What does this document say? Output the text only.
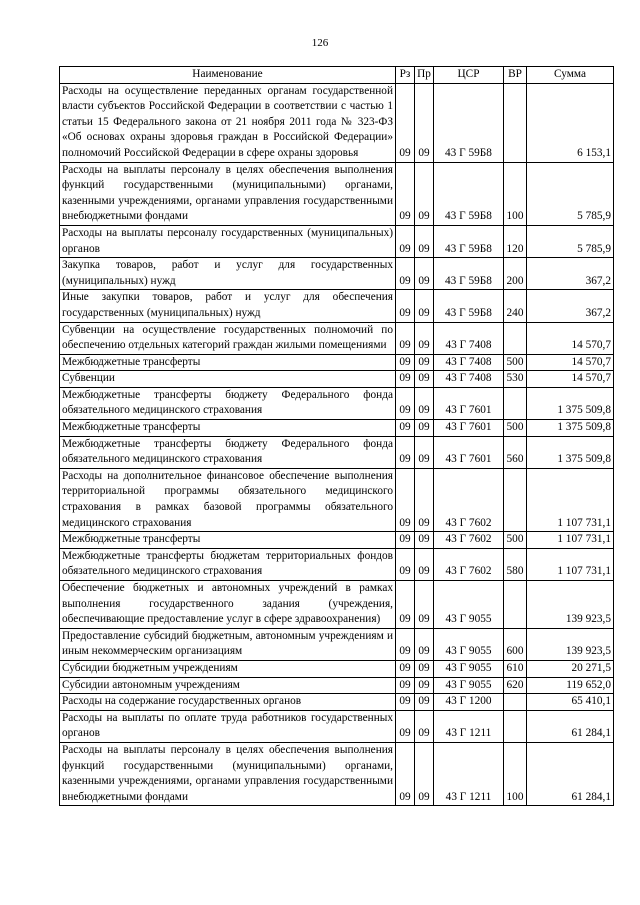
126
Наименование	Рз	Пр	ЦСР	ВР	Сумма
Расходы на осуществление переданных органам государственной власти субъектов Российской Федерации в соответствии с частью 1 статьи 15 Федерального закона от 21 ноября 2011 года № 323-ФЗ «Об основах охраны здоровья граждан в Российской Федерации» полномочий Российской Федерации в сфере охраны здоровья	09	09	43 Г 59Б8		6 153,1
Расходы на выплаты персоналу в целях обеспечения выполнения функций государственными (муниципальными) органами, казенными учреждениями, органами управления государственными внебюджетными фондами	09	09	43 Г 59Б8	100	5 785,9
Расходы на выплаты персоналу государственных (муниципальных) органов	09	09	43 Г 59Б8	120	5 785,9
Закупка товаров, работ и услуг для государственных (муниципальных) нужд	09	09	43 Г 59Б8	200	367,2
Иные закупки товаров, работ и услуг для обеспечения государственных (муниципальных) нужд	09	09	43 Г 59Б8	240	367,2
Субвенции на осуществление государственных полномочий по обеспечению отдельных категорий граждан жилыми помещениями	09	09	43 Г 7408		14 570,7
Межбюджетные трансферты	09	09	43 Г 7408	500	14 570,7
Субвенции	09	09	43 Г 7408	530	14 570,7
Межбюджетные трансферты бюджету Федерального фонда обязательного медицинского страхования	09	09	43 Г 7601		1 375 509,8
Межбюджетные трансферты	09	09	43 Г 7601	500	1 375 509,8
Межбюджетные трансферты бюджету Федерального фонда обязательного медицинского страхования	09	09	43 Г 7601	560	1 375 509,8
Расходы на дополнительное финансовое обеспечение выполнения территориальной программы обязательного медицинского страхования в рамках базовой программы обязательного медицинского страхования	09	09	43 Г 7602		1 107 731,1
Межбюджетные трансферты	09	09	43 Г 7602	500	1 107 731,1
Межбюджетные трансферты бюджетам территориальных фондов обязательного медицинского страхования	09	09	43 Г 7602	580	1 107 731,1
Обеспечение бюджетных и автономных учреждений в рамках выполнения государственного задания (учреждения, обеспечивающие предоставление услуг в сфере здравоохранения)	09	09	43 Г 9055		139 923,5
Предоставление субсидий бюджетным, автономным учреждениям и иным некоммерческим организациям	09	09	43 Г 9055	600	139 923,5
Субсидии бюджетным учреждениям	09	09	43 Г 9055	610	20 271,5
Субсидии автономным учреждениям	09	09	43 Г 9055	620	119 652,0
Расходы на содержание государственных органов	09	09	43 Г 1200		65 410,1
Расходы на выплаты по оплате труда работников государственных органов	09	09	43 Г 1211		61 284,1
Расходы на выплаты персоналу в целях обеспечения выполнения функций государственными (муниципальными) органами, казенными учреждениями, органами управления государственными внебюджетными фондами	09	09	43 Г 1211	100	61 284,1
